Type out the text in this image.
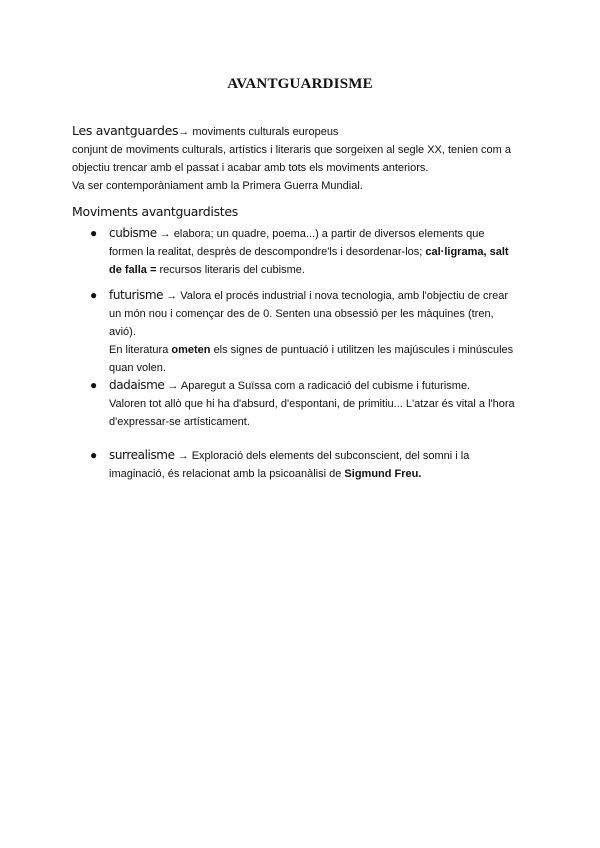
AVANTGUARDISME
Les avantguardes→ moviments culturals europeus
conjunt de moviments culturals, artístics i literaris que sorgeixen al segle XX, tenien com a objectiu trencar amb el passat i acabar amb tots els moviments anteriors.
Va ser contemporàniament amb la Primera Guerra Mundial.
Moviments avantguardistes
● cubisme → elabora; un quadre, poema...) a partir de diversos elements que formen la realitat, desprès de descompondre'ls i desordenar-los; cal·ligrama, salt de falla = recursos literaris del cubisme.
● futurisme → Valora el procés industrial i nova tecnologia, amb l'objectiu de crear un món nou i començar des de 0. Senten una obsessió per les màquines (tren, avió).
En literatura ometen els signes de puntuació i utilitzen les majúscules i minúscules quan volen.
● dadaisme → Aparegut a Suïssa com a radicació del cubisme i futurisme.
Valoren tot allò que hi ha d'absurd, d'espontani, de primitiu... L'atzar és vital a l'hora d'expressar-se artísticament.
● surrealisme → Exploració dels elements del subconscient, del somni i la imaginació, és relacionat amb la psicoanàlisi de Sigmund Freu.
